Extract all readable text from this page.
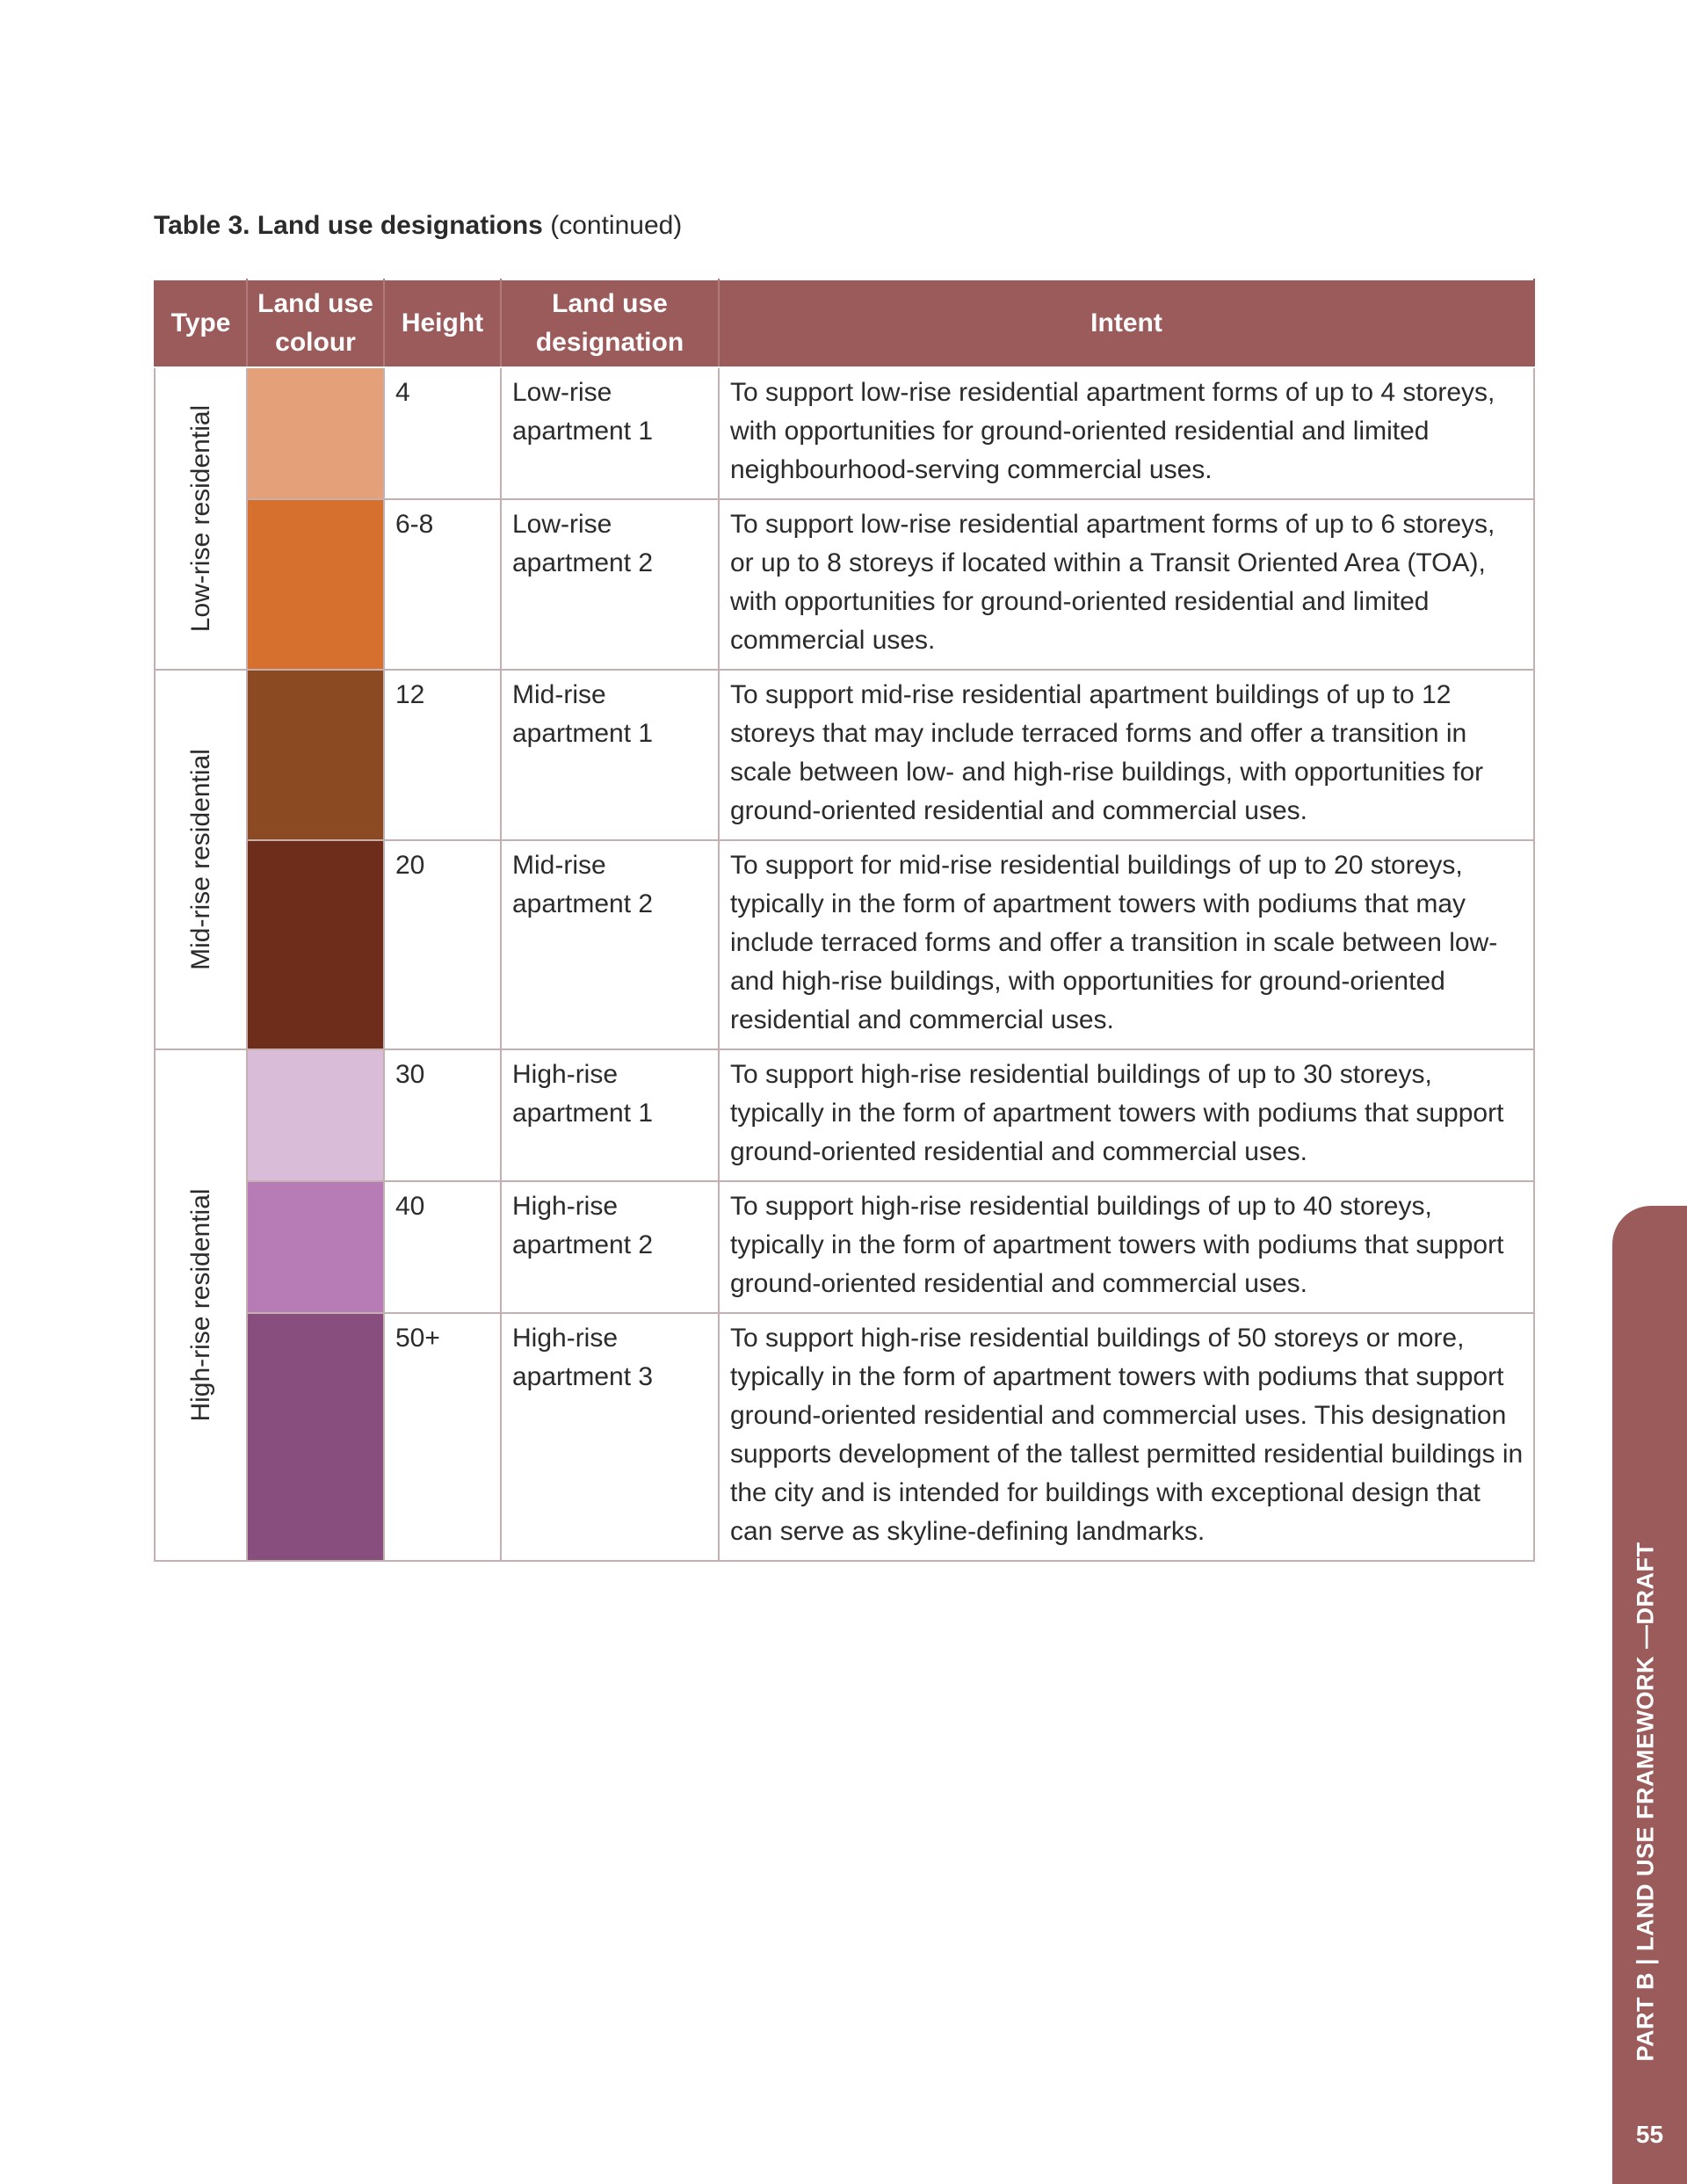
Table 3. Land use designations (continued)
Type	Land use colour	Height	Land use designation	Intent

Low-rise residential		4	Low-rise apartment 1	To support low-rise residential apartment forms of up to 4 storeys, with opportunities for ground-oriented residential and limited neighbourhood-serving commercial uses.
		6-8	Low-rise apartment 2	To support low-rise residential apartment forms of up to 6 storeys, or up to 8 storeys if located within a Transit Oriented Area (TOA), with opportunities for ground-oriented residential and limited commercial uses.

Mid-rise residential		12	Mid-rise apartment 1	To support mid-rise residential apartment buildings of up to 12 storeys that may include terraced forms and offer a transition in scale between low- and high-rise buildings, with opportunities for ground-oriented residential and commercial uses.
		20	Mid-rise apartment 2	To support for mid-rise residential buildings of up to 20 storeys, typically in the form of apartment towers with podiums that may include terraced forms and offer a transition in scale between low- and high-rise buildings, with opportunities for ground-oriented residential and commercial uses.

High-rise residential		30	High-rise apartment 1	To support high-rise residential buildings of up to 30 storeys, typically in the form of apartment towers with podiums that support ground-oriented residential and commercial uses.
		40	High-rise apartment 2	To support high-rise residential buildings of up to 40 storeys, typically in the form of apartment towers with podiums that support ground-oriented residential and commercial uses.
		50+	High-rise apartment 3	To support high-rise residential buildings of 50 storeys or more, typically in the form of apartment towers with podiums that support ground-oriented residential and commercial uses. This designation supports development of the tallest permitted residential buildings in the city and is intended for buildings with exceptional design that can serve as skyline-defining landmarks.
PART B | LAND USE FRAMEWORK —DRAFT
55
